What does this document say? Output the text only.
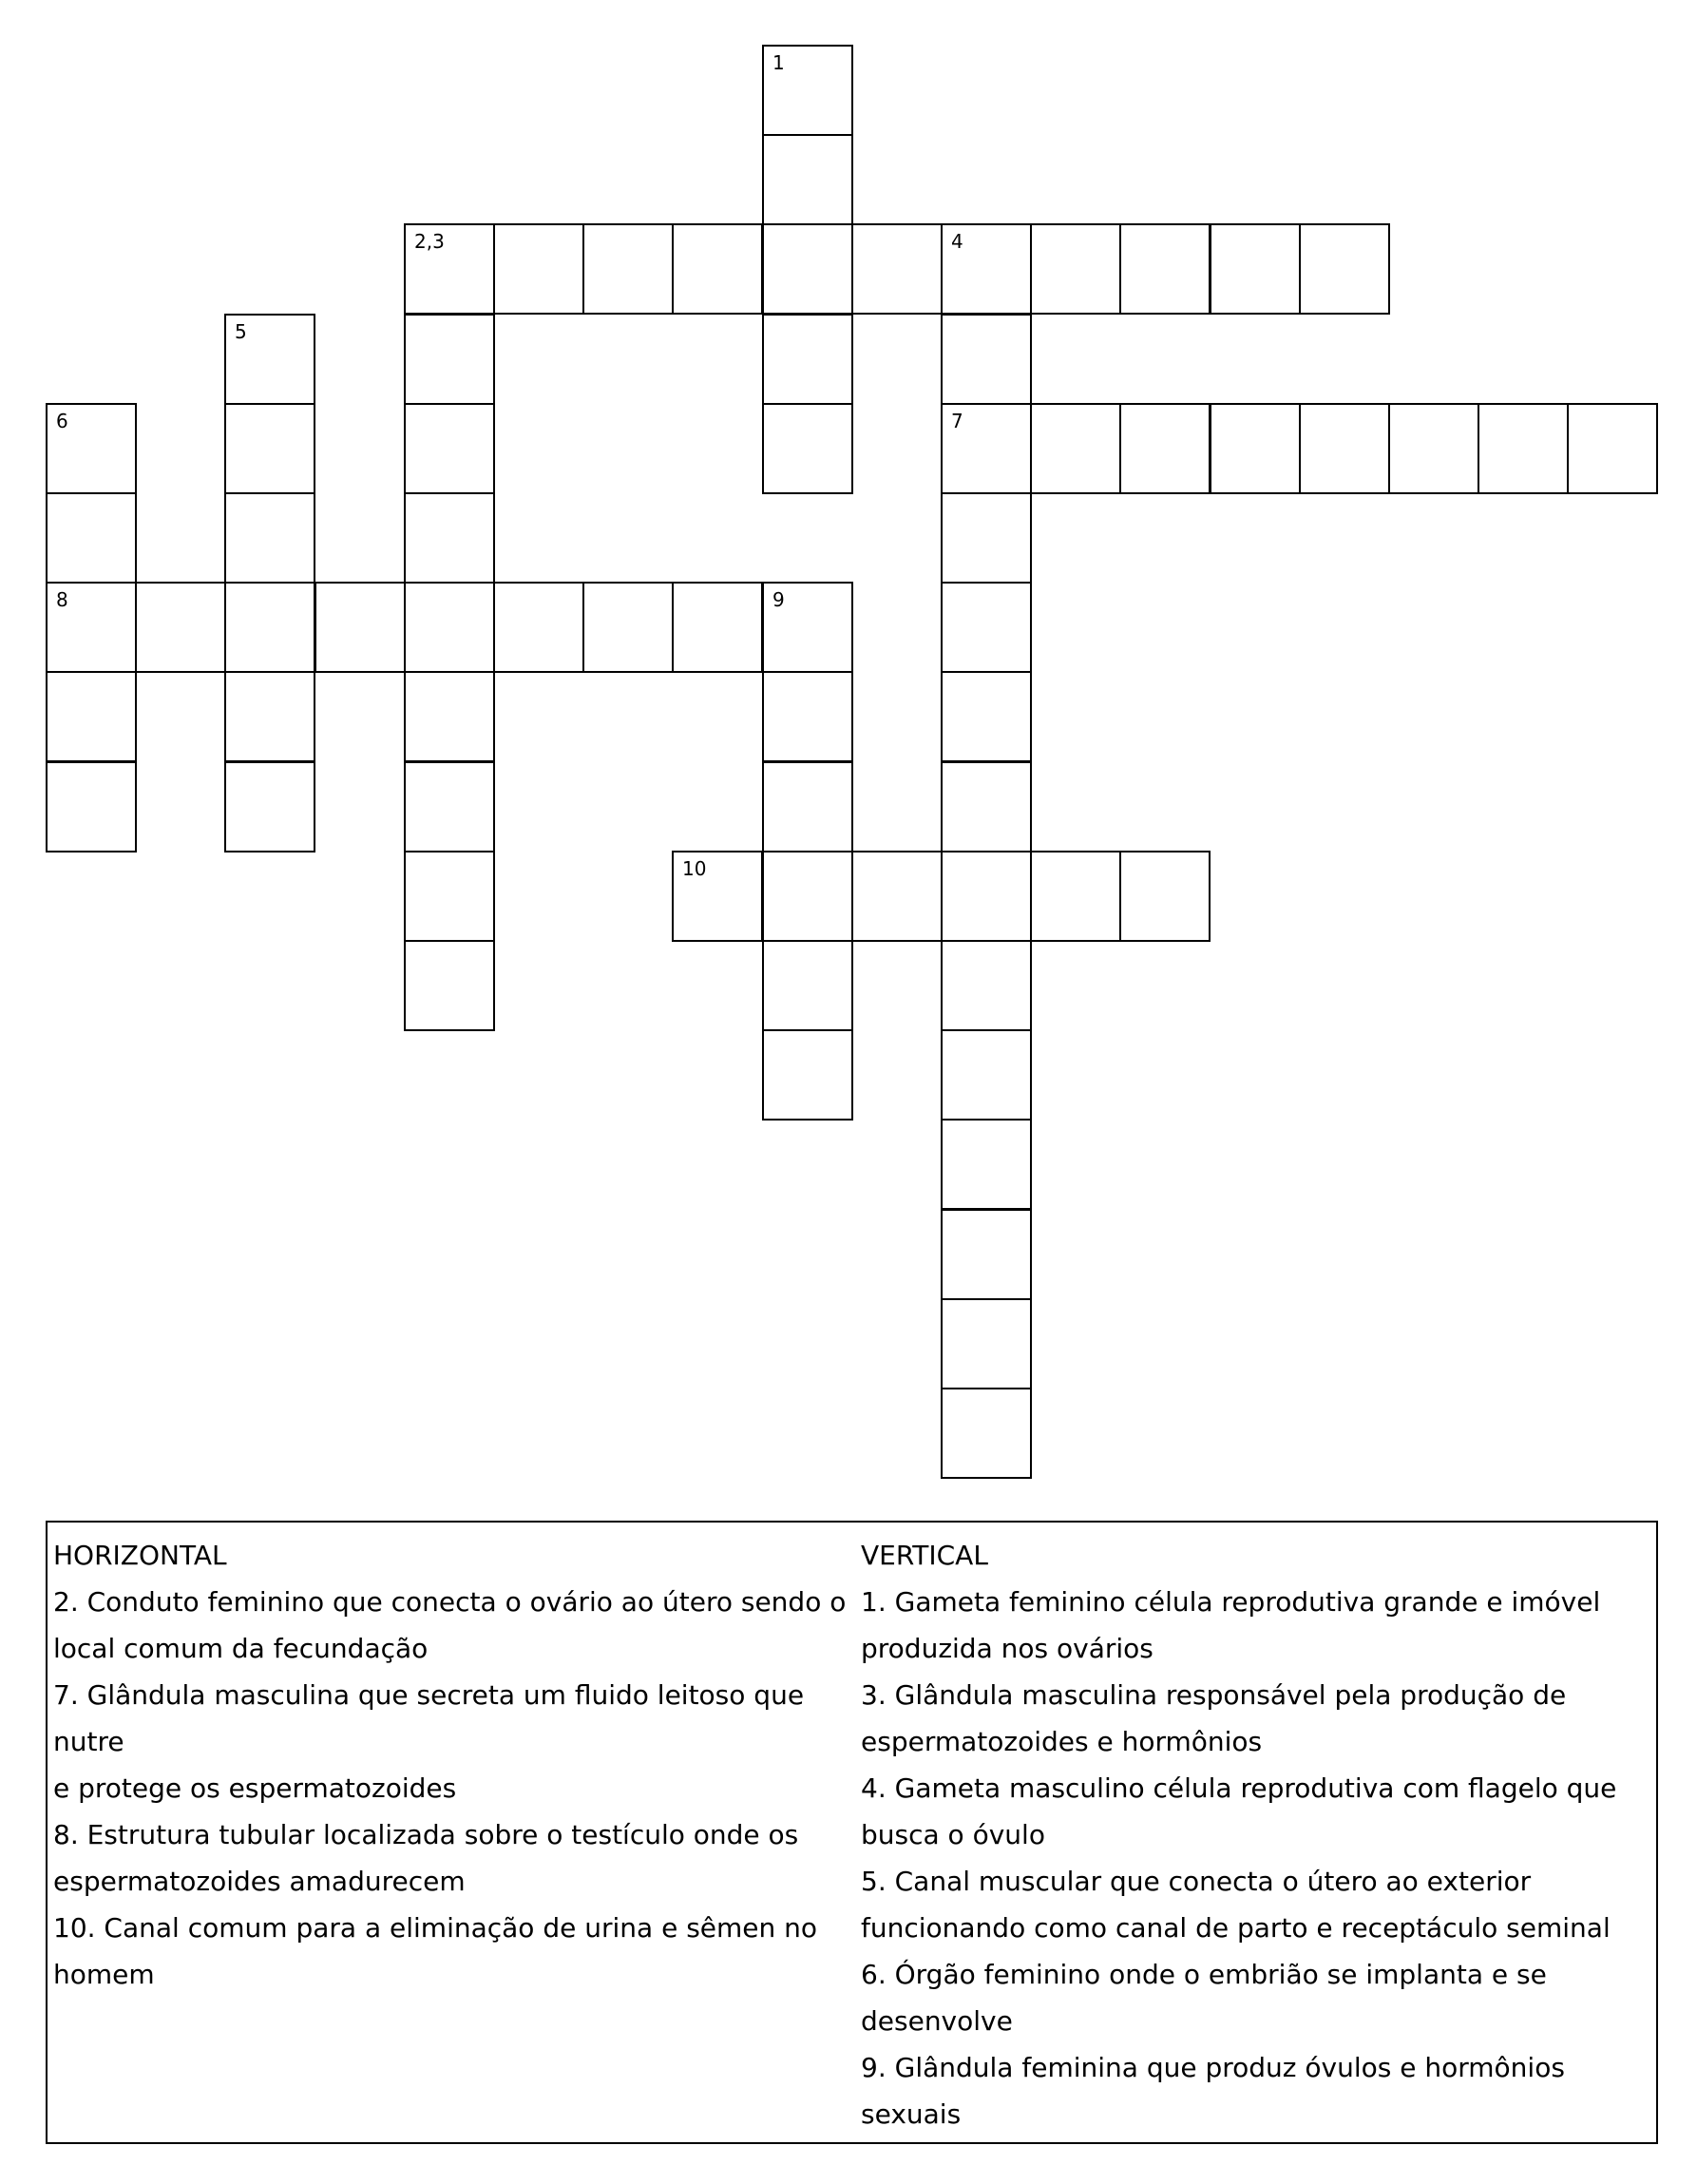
1
2,3	4
7
5
6
8	9
10
HORIZONTAL
2. Conduto feminino que conecta o ovário ao útero sendo o
local comum da fecundação
7. Glândula masculina que secreta um fluido leitoso que nutre
e protege os espermatozoides
8. Estrutura tubular localizada sobre o testículo onde os
espermatozoides amadurecem
10. Canal comum para a eliminação de urina e sêmen no
homem
VERTICAL
1. Gameta feminino célula reprodutiva grande e imóvel
produzida nos ovários
3. Glândula masculina responsável pela produção de
espermatozoides e hormônios
4. Gameta masculino célula reprodutiva com flagelo que
busca o óvulo
5. Canal muscular que conecta o útero ao exterior
funcionando como canal de parto e receptáculo seminal
6. Órgão feminino onde o embrião se implanta e se
desenvolve
9. Glândula feminina que produz óvulos e hormônios sexuais
